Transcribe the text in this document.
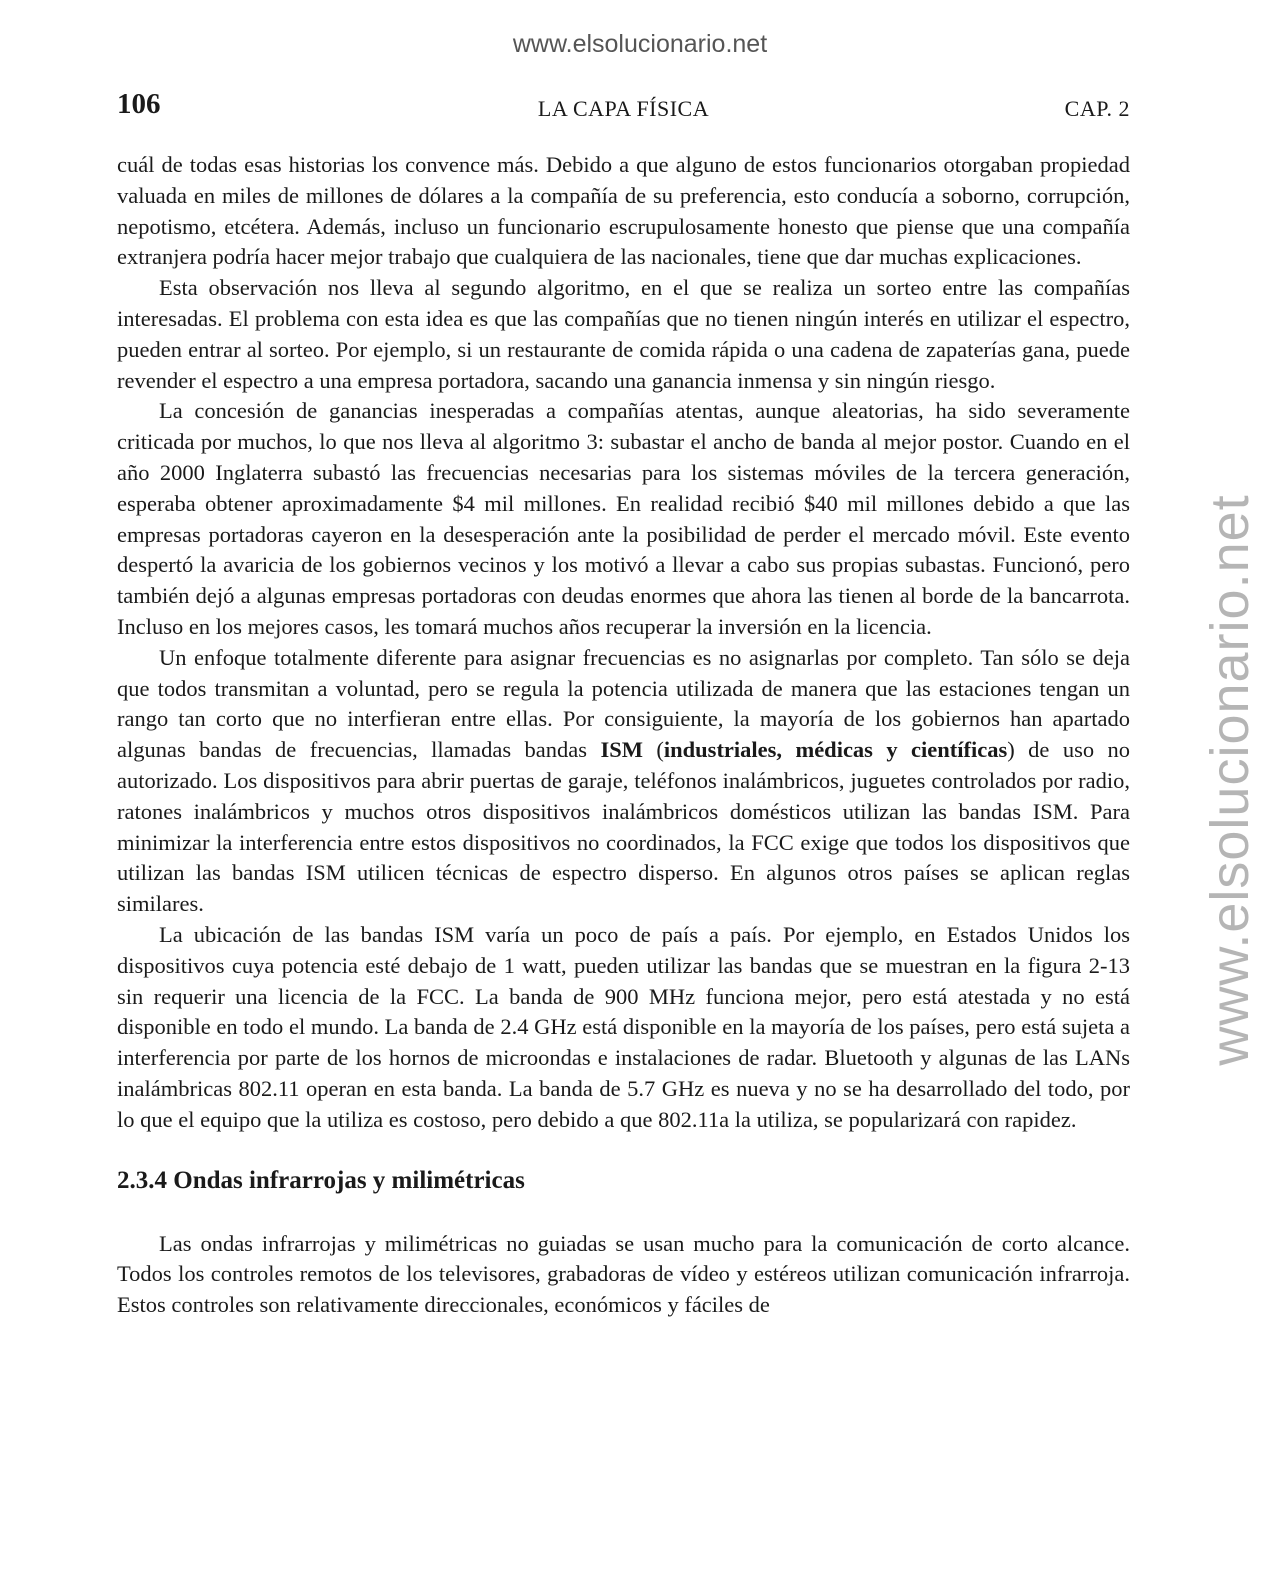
www.elsolucionario.net
www.elsolucionario.net
106	LA CAPA FÍSICA	CAP. 2

cuál de todas esas historias los convence más. Debido a que alguno de estos funcionarios otorgaban propiedad valuada en miles de millones de dólares a la compañía de su preferencia, esto conducía a soborno, corrupción, nepotismo, etcétera. Además, incluso un funcionario escrupulosamente honesto que piense que una compañía extranjera podría hacer mejor trabajo que cualquiera de las nacionales, tiene que dar muchas explicaciones.

Esta observación nos lleva al segundo algoritmo, en el que se realiza un sorteo entre las compañías interesadas. El problema con esta idea es que las compañías que no tienen ningún interés en utilizar el espectro, pueden entrar al sorteo. Por ejemplo, si un restaurante de comida rápida o una cadena de zapaterías gana, puede revender el espectro a una empresa portadora, sacando una ganancia inmensa y sin ningún riesgo.

La concesión de ganancias inesperadas a compañías atentas, aunque aleatorias, ha sido severamente criticada por muchos, lo que nos lleva al algoritmo 3: subastar el ancho de banda al mejor postor. Cuando en el año 2000 Inglaterra subastó las frecuencias necesarias para los sistemas móviles de la tercera generación, esperaba obtener aproximadamente $4 mil millones. En realidad recibió $40 mil millones debido a que las empresas portadoras cayeron en la desesperación ante la posibilidad de perder el mercado móvil. Este evento despertó la avaricia de los gobiernos vecinos y los motivó a llevar a cabo sus propias subastas. Funcionó, pero también dejó a algunas empresas portadoras con deudas enormes que ahora las tienen al borde de la bancarrota. Incluso en los mejores casos, les tomará muchos años recuperar la inversión en la licencia.

Un enfoque totalmente diferente para asignar frecuencias es no asignarlas por completo. Tan sólo se deja que todos transmitan a voluntad, pero se regula la potencia utilizada de manera que las estaciones tengan un rango tan corto que no interfieran entre ellas. Por consiguiente, la mayoría de los gobiernos han apartado algunas bandas de frecuencias, llamadas bandas ISM (industriales, médicas y científicas) de uso no autorizado. Los dispositivos para abrir puertas de garaje, teléfonos inalámbricos, juguetes controlados por radio, ratones inalámbricos y muchos otros dispositivos inalámbricos domésticos utilizan las bandas ISM. Para minimizar la interferencia entre estos dispositivos no coordinados, la FCC exige que todos los dispositivos que utilizan las bandas ISM utilicen técnicas de espectro disperso. En algunos otros países se aplican reglas similares.

La ubicación de las bandas ISM varía un poco de país a país. Por ejemplo, en Estados Unidos los dispositivos cuya potencia esté debajo de 1 watt, pueden utilizar las bandas que se muestran en la figura 2-13 sin requerir una licencia de la FCC. La banda de 900 MHz funciona mejor, pero está atestada y no está disponible en todo el mundo. La banda de 2.4 GHz está disponible en la mayoría de los países, pero está sujeta a interferencia por parte de los hornos de microondas e instalaciones de radar. Bluetooth y algunas de las LANs inalámbricas 802.11 operan en esta banda. La banda de 5.7 GHz es nueva y no se ha desarrollado del todo, por lo que el equipo que la utiliza es costoso, pero debido a que 802.11a la utiliza, se popularizará con rapidez.

2.3.4 Ondas infrarrojas y milimétricas

Las ondas infrarrojas y milimétricas no guiadas se usan mucho para la comunicación de corto alcance. Todos los controles remotos de los televisores, grabadoras de vídeo y estéreos utilizan comunicación infrarroja. Estos controles son relativamente direccionales, económicos y fáciles de
